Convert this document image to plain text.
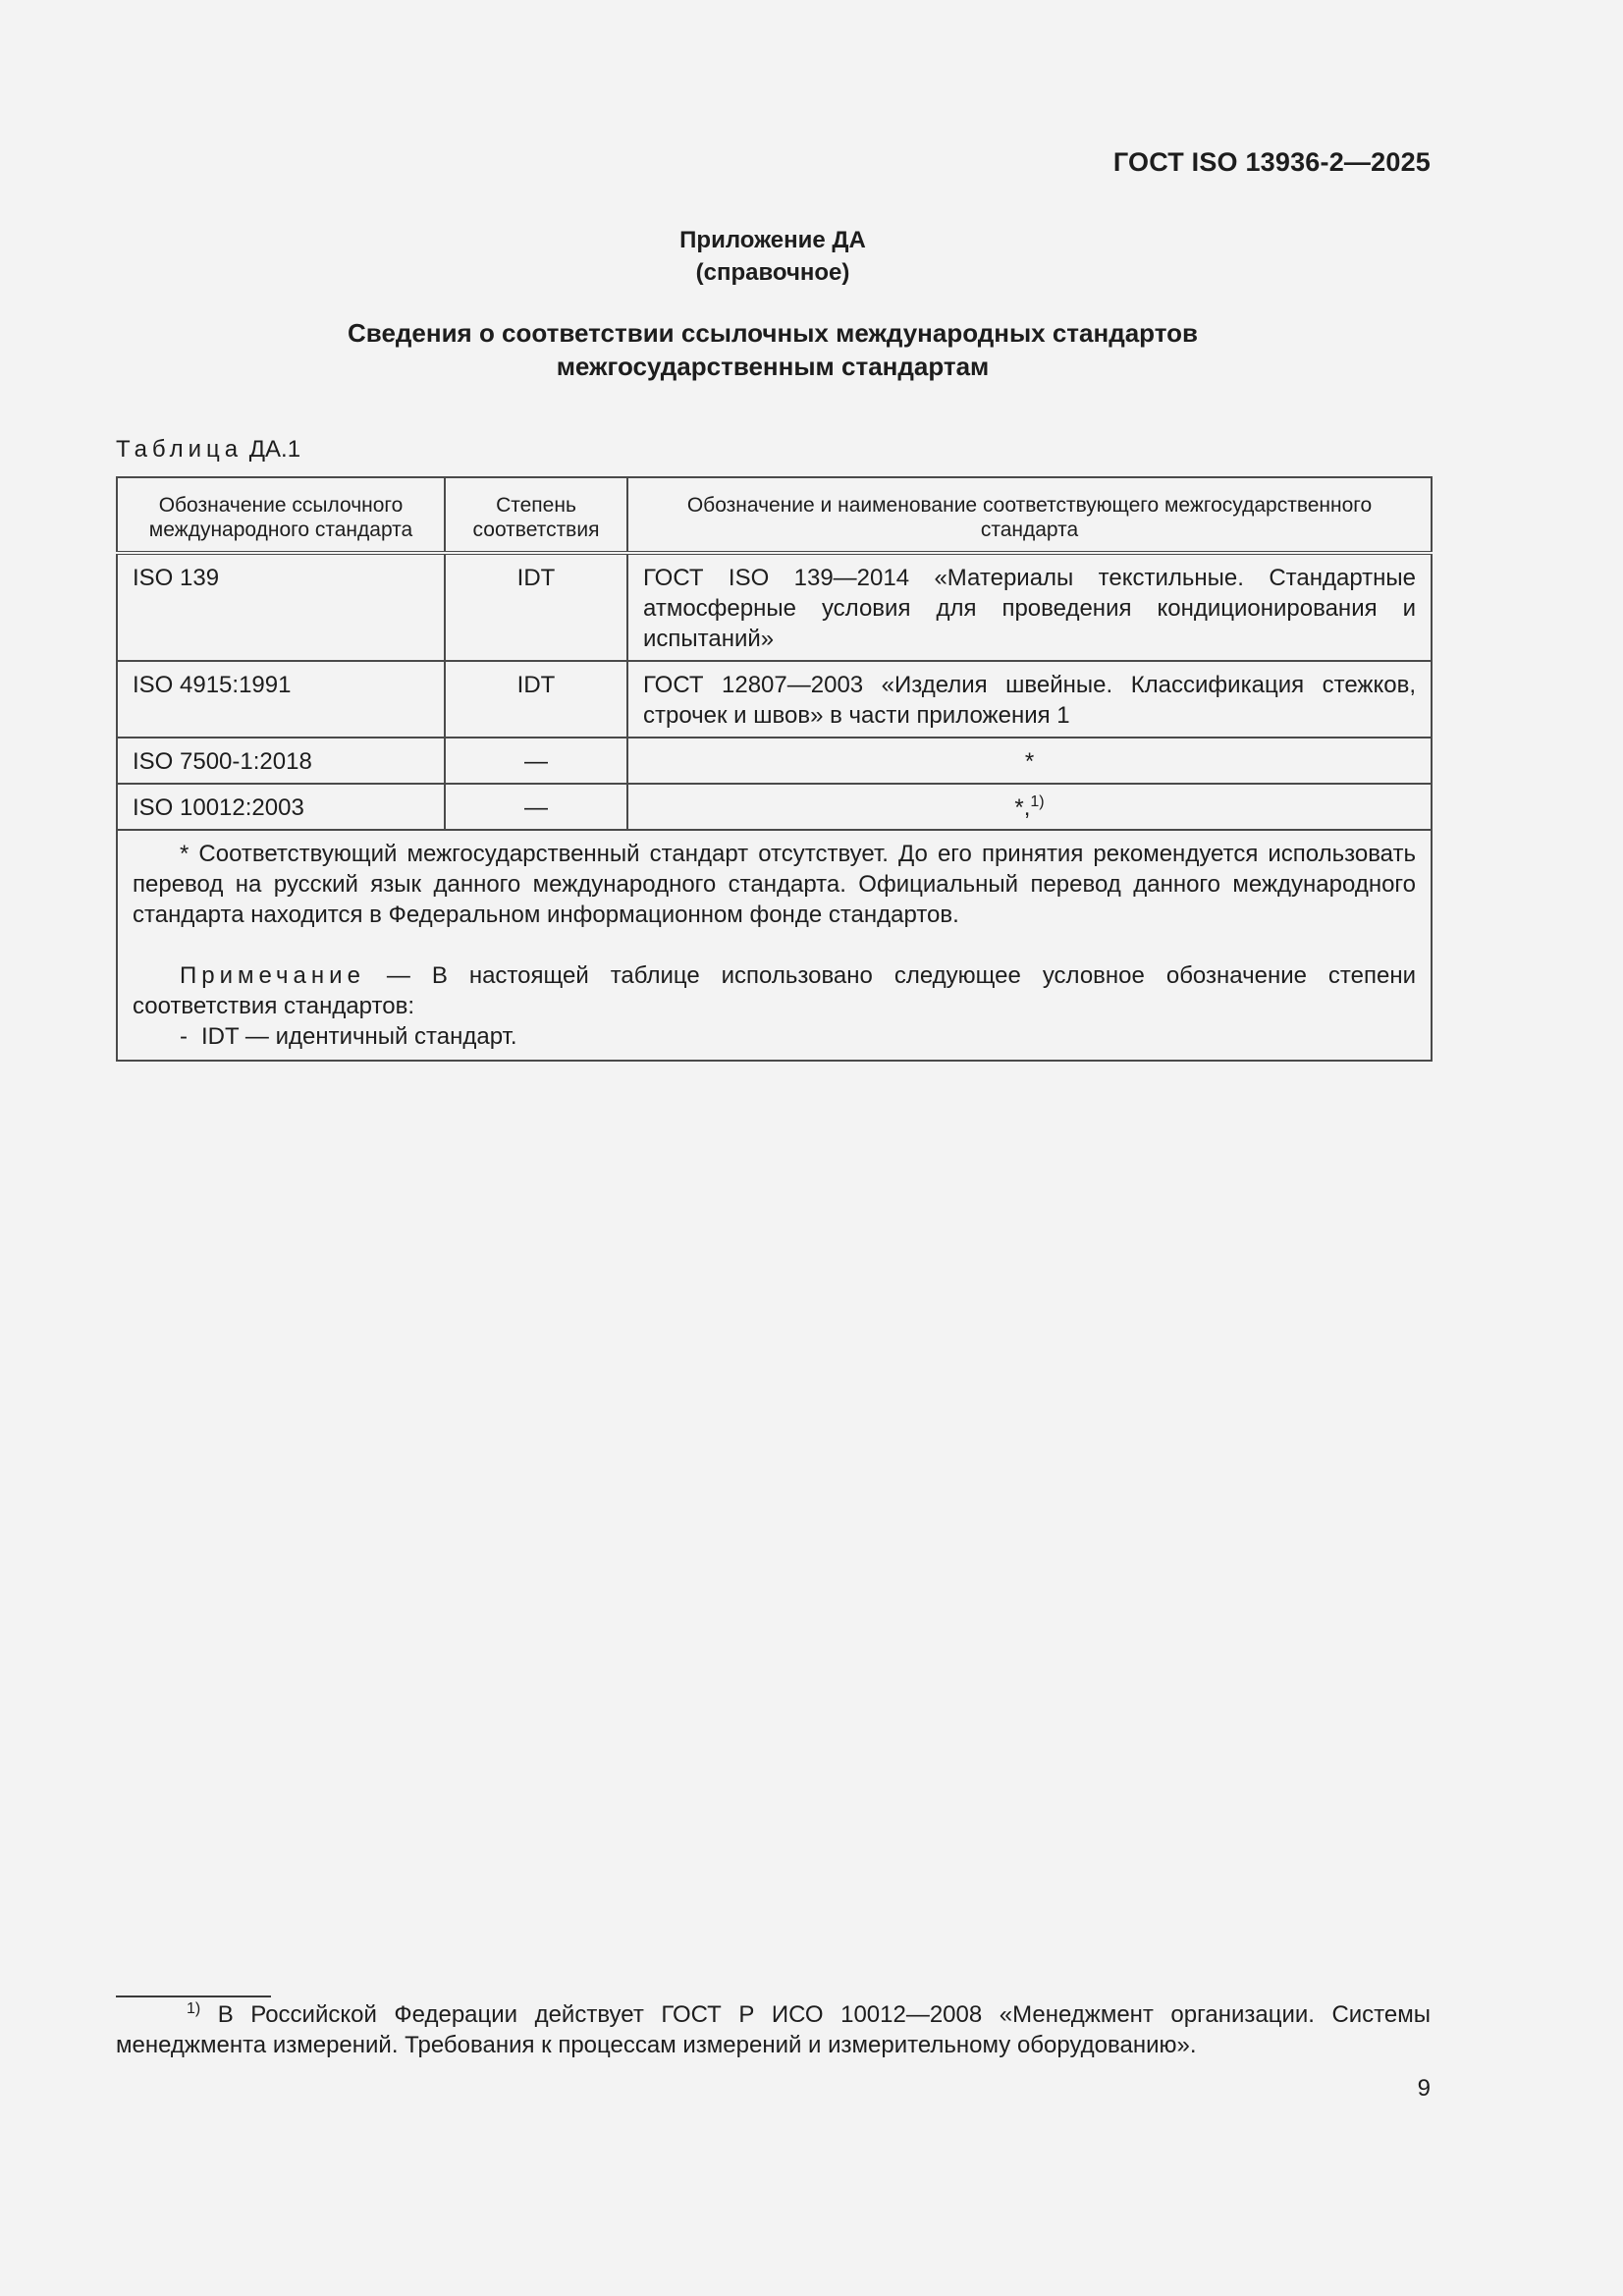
ГОСТ ISO 13936-2—2025
Приложение ДА
(справочное)
Сведения о соответствии ссылочных международных стандартов
межгосударственным стандартам
Таблица ДА.1
Обозначение ссылочного международного стандарта	Степень соответствия	Обозначение и наименование соответствующего межгосударственного стандарта
ISO 139	IDT	ГОСТ ISO 139—2014 «Материалы текстильные. Стандартные атмосферные условия для проведения кондиционирования и испытаний»
ISO 4915:1991	IDT	ГОСТ 12807—2003 «Изделия швейные. Классификация стежков, строчек и швов» в части приложения 1
ISO 7500-1:2018	—	*
ISO 10012:2003	—	*,$^{1)}$

* Соответствующий межгосударственный стандарт отсутствует. До его принятия рекомендуется использовать перевод на русский язык данного международного стандарта. Официальный перевод данного международного стандарта находится в Федеральном информационном фонде стандартов.

Примечание — В настоящей таблице использовано следующее условное обозначение степени соответствия стандартов:

- IDT — идентичный стандарт.		

$^{1)}$ В Российской Федерации действует ГОСТ Р ИСО 10012—2008 «Менеджмент организации. Системы менеджмента измерений. Требования к процессам измерений и измерительному оборудованию».
9
